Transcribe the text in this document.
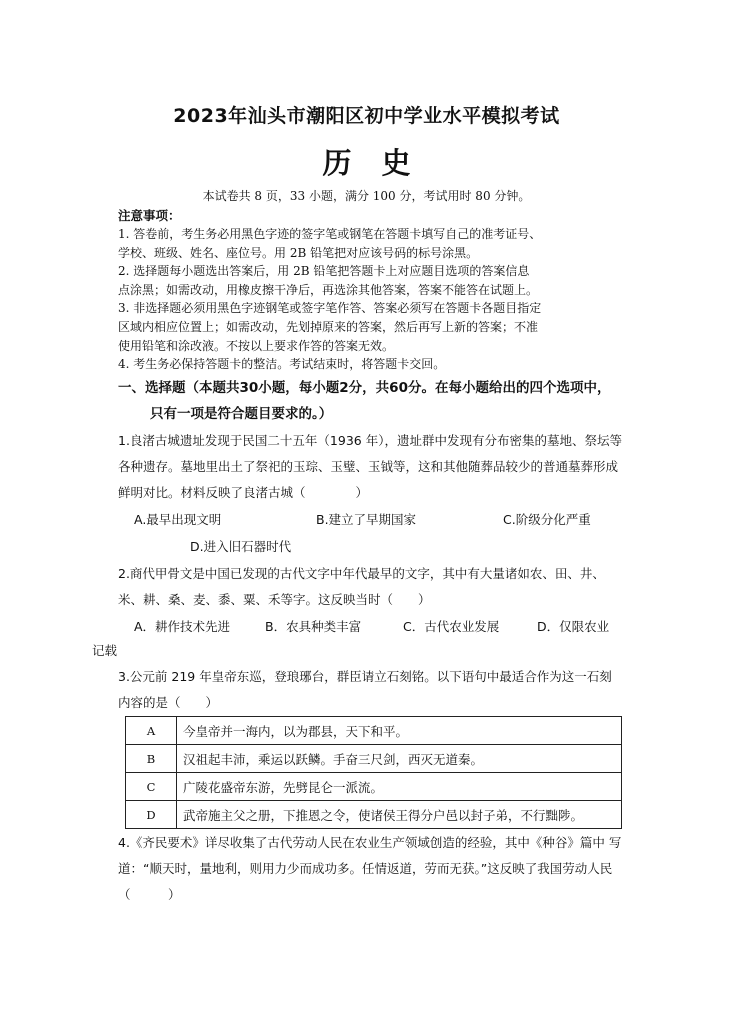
2023年汕头市潮阳区初中学业水平模拟考试
历史
本试卷共 8 页，33 小题，满分 100 分，考试用时 80 分钟。
注意事项：

1. 答卷前，考生务必用黑色字迹的签字笔或钢笔在答题卡填写自己的准考证号、

学校、班级、姓名、座位号。用 2B 铅笔把对应该号码的标号涂黑。

2. 选择题每小题选出答案后，用 2B 铅笔把答题卡上对应题目选项的答案信息

点涂黑；如需改动，用橡皮擦干净后，再选涂其他答案，答案不能答在试题上。

3. 非选择题必须用黑色字迹钢笔或签字笔作答、答案必须写在答题卡各题目指定

区域内相应位置上；如需改动，先划掉原来的答案，然后再写上新的答案；不准

使用铅笔和涂改液。不按以上要求作答的答案无效。

4. 考生务必保持答题卡的整洁。考试结束时，将答题卡交回。

一、选择题（本题共30小题，每小题2分，共60分。在每小题给出的四个选项中，
只有一项是符合题目要求的。）
1.良渚古城遗址发现于民国二十五年（1936 年），遗址群中发现有分布密集的墓地、祭坛等各种遗存。墓地里出土了祭祀的玉琮、玉璧、玉钺等，这和其他随葬品较少的普通墓葬形成鲜明对比。材料反映了良渚古城（　　　　）
A.最早出现文明	B.建立了早期国家	C.阶级分化严重
D.进入旧石器时代
2.商代甲骨文是中国已发现的古代文字中年代最早的文字，其中有大量诸如农、田、井、米、耕、桑、麦、黍、粟、禾等字。这反映当时（　　）
A．耕作技术先进	B．农具种类丰富	C．古代农业发展	D．仅限农业
记载
3.公元前 219 年皇帝东巡，登琅琊台，群臣请立石刻铭。以下语句中最适合作为这一石刻内容的是（　　）
A	今皇帝并一海内，以为郡县，天下和平。
B	汉祖起丰沛，乘运以跃鳞。手奋三尺剑，西灭无道秦。
C	广陵花盛帝东游，先劈昆仑一派流。
D	武帝施主父之册，下推恩之令，使诸侯王得分户邑以封子弟，不行黜陟。
4.《齐民要术》详尽收集了古代劳动人民在农业生产领域创造的经验，其中《种谷》篇中 写道：“顺天时，量地利，则用力少而成功多。任情返道，劳而无获。”这反映了我国劳动人民 （　　　）
